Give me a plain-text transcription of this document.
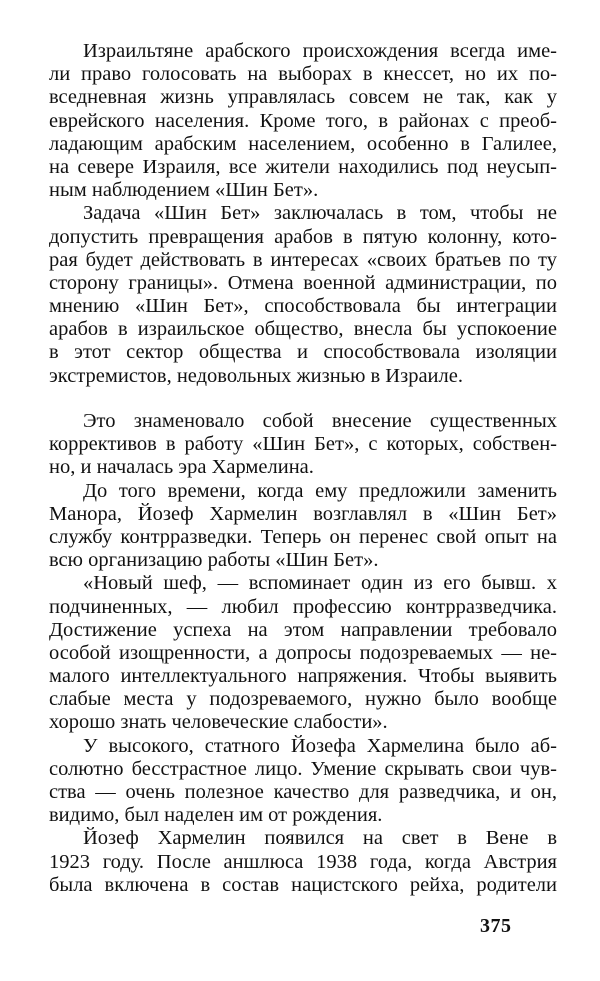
Израильтяне арабского происхождения всегда име-
ли право голосовать на выборах в кнессет, но их по-
вседневная жизнь управлялась совсем не так, как у
еврейского населения. Кроме того, в районах с преоб-
ладающим арабским населением, особенно в Галилее,
на севере Израиля, все жители находились под неусып-
ным наблюдением «Шин Бет».
Задача «Шин Бет» заключалась в том, чтобы не
допустить превращения арабов в пятую колонну, кото-
рая будет действовать в интересах «своих братьев по ту
сторону границы». Отмена военной администрации, по
мнению «Шин Бет», способствовала бы интеграции
арабов в израильское общество, внесла бы успокоение
в этот сектор общества и способствовала изоляции
экстремистов, недовольных жизнью в Израиле.
Это знаменовало собой внесение существенных
коррективов в работу «Шин Бет», с которых, собствен-
но, и началась эра Хармелина.
До того времени, когда ему предложили заменить
Манора, Йозеф Хармелин возглавлял в «Шин Бет»
службу контрразведки. Теперь он перенес свой опыт на
всю организацию работы «Шин Бет».
«Новый шеф, — вспоминает один из его бывш. х
подчиненных, — любил профессию контрразведчика.
Достижение успеха на этом направлении требовало
особой изощренности, а допросы подозреваемых — не-
малого интеллектуального напряжения. Чтобы выявить
слабые места у подозреваемого, нужно было вообще
хорошо знать человеческие слабости».
У высокого, статного Йозефа Хармелина было аб-
солютно бесстрастное лицо. Умение скрывать свои чув-
ства — очень полезное качество для разведчика, и он,
видимо, был наделен им от рождения.
Йозеф Хармелин появился на свет в Вене в
1923 году. После аншлюса 1938 года, когда Австрия
была включена в состав нацистского рейха, родители
375
